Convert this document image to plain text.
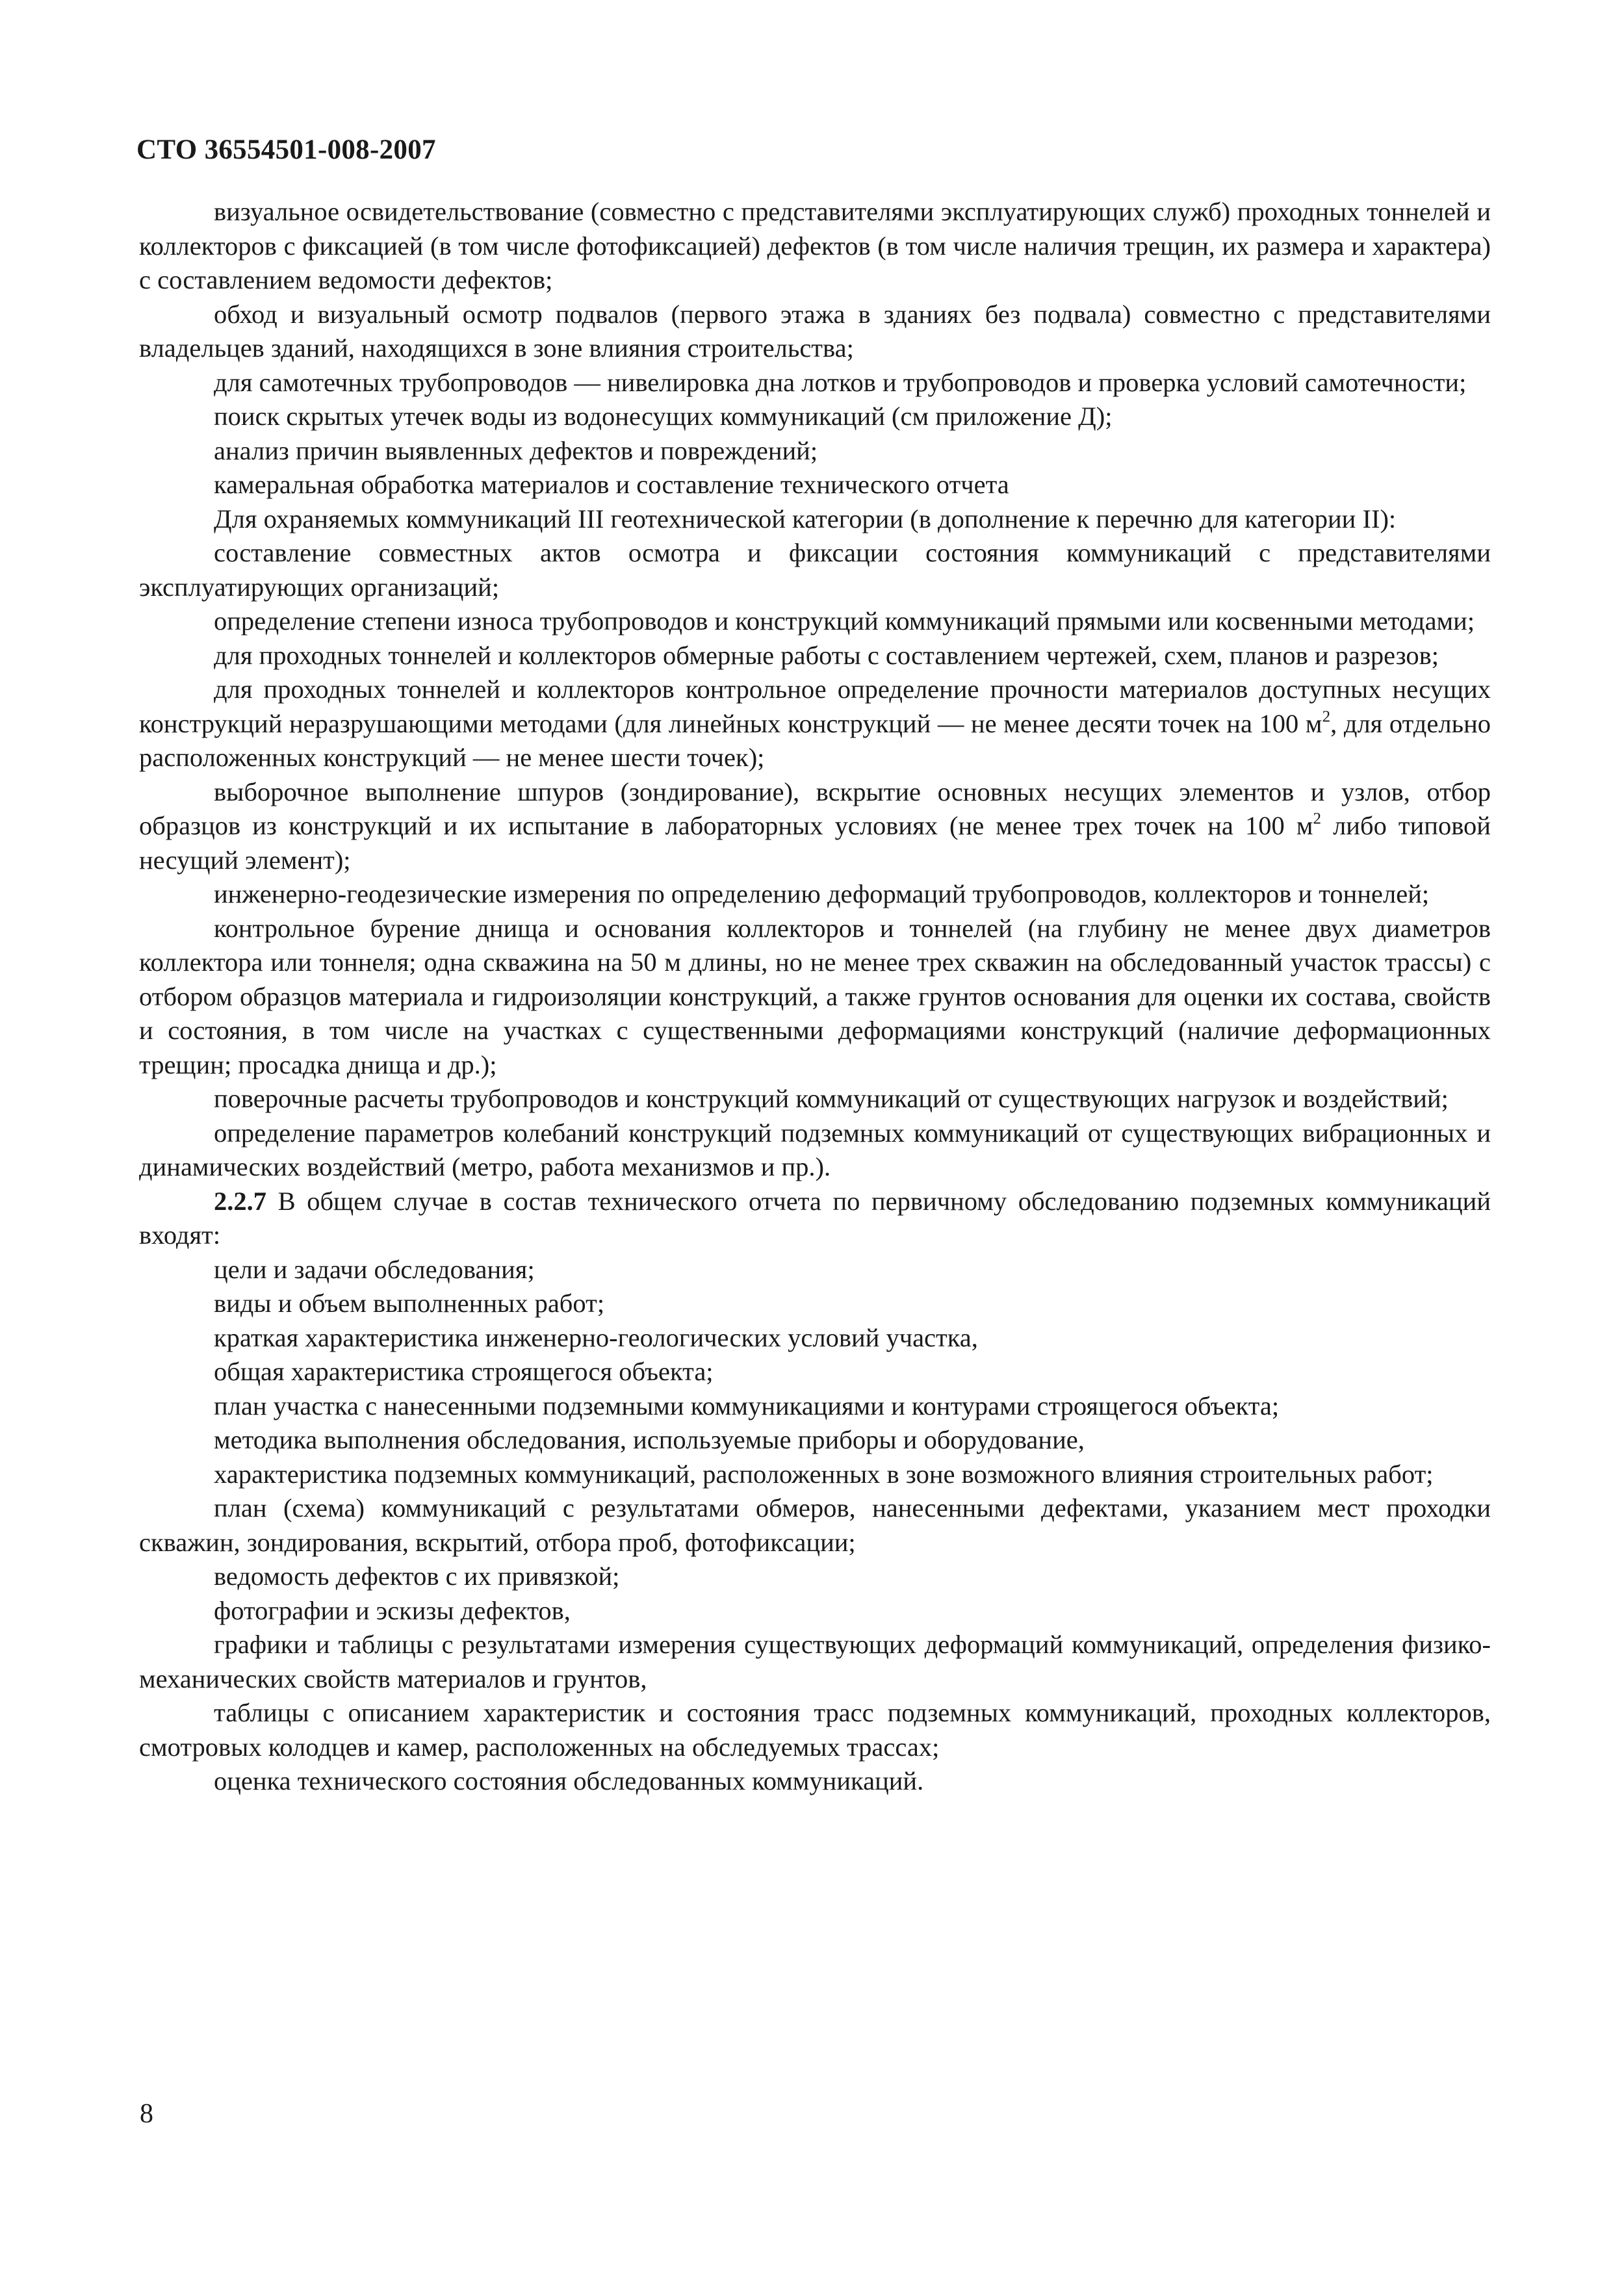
СТО 36554501-008-2007

визуальное освидетельствование (совместно с представителями эксплуатирующих служб) проходных тоннелей и коллекторов с фиксацией (в том числе фотофиксацией) дефектов (в том числе наличия трещин, их размера и характера) с составлением ведомости дефектов;

обход и визуальный осмотр подвалов (первого этажа в зданиях без подвала) совместно с представителями владельцев зданий, находящихся в зоне влияния строительства;

для самотечных трубопроводов — нивелировка дна лотков и трубопроводов и проверка условий самотечности;

поиск скрытых утечек воды из водонесущих коммуникаций (см приложение Д);

анализ причин выявленных дефектов и повреждений;

камеральная обработка материалов и составление технического отчета

Для охраняемых коммуникаций III геотехнической категории (в дополнение к перечню для категории II):

составление совместных актов осмотра и фиксации состояния коммуникаций с представителями эксплуатирующих организаций;

определение степени износа трубопроводов и конструкций коммуникаций прямыми или косвенными методами;

для проходных тоннелей и коллекторов обмерные работы с составлением чертежей, схем, планов и разрезов;

для проходных тоннелей и коллекторов контрольное определение прочности материалов доступных несущих конструкций неразрушающими методами (для линейных конструкций — не менее десяти точек на 100 $м^2$, для отдельно расположенных конструкций — не менее шести точек);

выборочное выполнение шпуров (зондирование), вскрытие основных несущих элементов и узлов, отбор образцов из конструкций и их испытание в лабораторных условиях (не менее трех точек на 100 $м^2$ либо типовой несущий элемент);

инженерно-геодезические измерения по определению деформаций трубопроводов, коллекторов и тоннелей;

контрольное бурение днища и основания коллекторов и тоннелей (на глубину не менее двух диаметров коллектора или тоннеля; одна скважина на 50 м длины, но не менее трех скважин на обследованный участок трассы) с отбором образцов материала и гидроизоляции конструкций, а также грунтов основания для оценки их состава, свойств и состояния, в том числе на участках с существенными деформациями конструкций (наличие деформационных трещин; просадка днища и др.);

поверочные расчеты трубопроводов и конструкций коммуникаций от существующих нагрузок и воздействий;

определение параметров колебаний конструкций подземных коммуникаций от существующих вибрационных и динамических воздействий (метро, работа механизмов и пр.).

2.2.7 В общем случае в состав технического отчета по первичному обследованию подземных коммуникаций входят:

цели и задачи обследования;

виды и объем выполненных работ;

краткая характеристика инженерно-геологических условий участка,

общая характеристика строящегося объекта;

план участка с нанесенными подземными коммуникациями и контурами строящегося объекта;

методика выполнения обследования, используемые приборы и оборудование,

характеристика подземных коммуникаций, расположенных в зоне возможного влияния строительных работ;

план (схема) коммуникаций с результатами обмеров, нанесенными дефектами, указанием мест проходки скважин, зондирования, вскрытий, отбора проб, фотофиксации;

ведомость дефектов с их привязкой;

фотографии и эскизы дефектов,

графики и таблицы с результатами измерения существующих деформаций коммуникаций, определения физико-механических свойств материалов и грунтов,

таблицы с описанием характеристик и состояния трасс подземных коммуникаций, проходных коллекторов, смотровых колодцев и камер, расположенных на обследуемых трассах;

оценка технического состояния обследованных коммуникаций.

8
